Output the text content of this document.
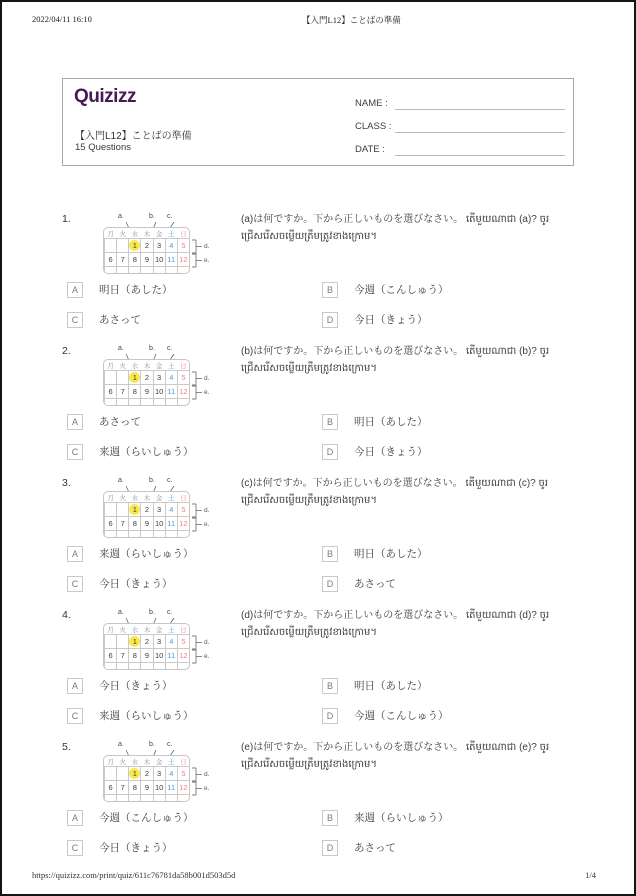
2022/04/11 16:10	【入門L12】ことばの準備
Quizizz
【入門L12】ことばの準備
15 Questions
NAME :
CLASS :
DATE :
1.	a.	b. c.
d.
e.
月	火	水	木	金	土	日
		1	2	3	4	5
6	7	8	9	10	11	12

(a)は何ですか。下から正しいものを選びなさい。 តើមួយណាជា (a)? ចូរជ្រើសរើសចម្លើយត្រឹមត្រូវខាងក្រោម។
A	明日（あした）	B	今週（こんしゅう）
C	あさって	D	今日（きょう）
2.	a.	b. c.
d.
e.
月	火	水	木	金	土	日
		1	2	3	4	5
6	7	8	9	10	11	12

(b)は何ですか。下から正しいものを選びなさい。 តើមួយណាជា (b)? ចូរជ្រើសរើសចម្លើយត្រឹមត្រូវខាងក្រោម។
A	あさって	B	明日（あした）
C	来週（らいしゅう）	D	今日（きょう）
3.	a.	b. c.
d.
e.
月	火	水	木	金	土	日
		1	2	3	4	5
6	7	8	9	10	11	12

(c)は何ですか。下から正しいものを選びなさい。 តើមួយណាជា (c)? ចូរជ្រើសរើសចម្លើយត្រឹមត្រូវខាងក្រោម។
A	来週（らいしゅう）	B	明日（あした）
C	今日（きょう）	D	あさって
4.	a.	b. c.
d.
e.
月	火	水	木	金	土	日
		1	2	3	4	5
6	7	8	9	10	11	12

(d)は何ですか。下から正しいものを選びなさい。 តើមួយណាជា (d)? ចូរជ្រើសរើសចម្លើយត្រឹមត្រូវខាងក្រោម។
A	今日（きょう）	B	明日（あした）
C	来週（らいしゅう）	D	今週（こんしゅう）
5.	a.	b. c.
d.
e.
月	火	水	木	金	土	日
		1	2	3	4	5
6	7	8	9	10	11	12

(e)は何ですか。下から正しいものを選びなさい。 តើមួយណាជា (e)? ចូរជ្រើសរើសចម្លើយត្រឹមត្រូវខាងក្រោម។
A	今週（こんしゅう）	B	来週（らいしゅう）
C	今日（きょう）	D	あさって
https://quizizz.com/print/quiz/611c76781da58b001d503d5d	1/4
